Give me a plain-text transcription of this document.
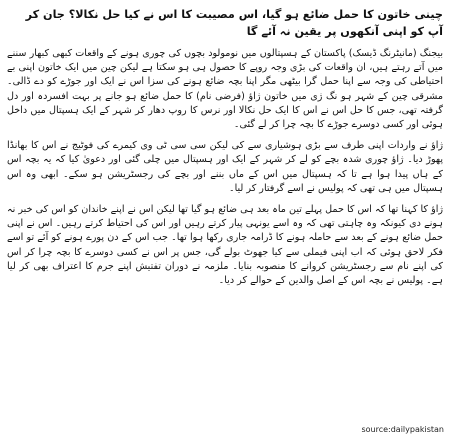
چینی خاتون کا حمل ضائع ہو گیا، اس مصیبت کا اس نے کیا حل نکالا؟ جان کر آپ کو اپنی آنکھوں پر یقین نہ آئے گا

بیجنگ (مانیٹرنگ ڈیسک) پاکستان کے ہسپتالوں میں نومولود بچوں کی چوری ہونے کے واقعات کبھی کبھار سننے میں آتے رہتے ہیں، ان واقعات کی بڑی وجہ روپے کا حصول ہی ہو سکتا ہے لیکن چین میں ایک خاتون اپنی بے احتیاطی کی وجہ سے اپنا حمل گرا بیٹھی مگر اپنا بچہ ضائع ہونے کی سزا اس نے ایک اور جوڑے کو دے ڈالی۔ مشرقی چین کے شہر ہو نگ ژی میں خاتون ژاؤ (فرضی نام) کا حمل ضائع ہو جانے پر بہت افسردہ اور دل گرفتہ تھی، جس کا حل اس نے اس کا ایک حل نکالا اور نرس کا روپ دھار کر شہر کے ایک ہسپتال میں داخل ہوئی اور کسی دوسرے جوڑے کا بچہ چرا کر لے گئی۔

ژاؤ نے واردات اپنی طرف سے بڑی ہوشیاری سے کی لیکن سی سی ٹی وی کیمرے کی فوٹیج نے اس کا بھانڈا پھوڑ دیا۔ ژاؤ چوری شدہ بچے کو لے کر شہر کے ایک اور ہسپتال میں چلی گئی اور دعویٰ کیا کہ یہ بچہ اس کے ہاں پیدا ہوا ہے تا کہ ہسپتال میں اس کے ماں بننے اور بچے کی رجسٹریشن ہو سکے۔ ابھی وہ اس ہسپتال میں ہی تھی کہ پولیس نے اسے گرفتار کر لیا۔

ژاؤ کا کہنا تھا کہ اس کا حمل پہلے تین ماہ بعد ہی ضائع ہو گیا تھا لیکن اس نے اپنے خاندان کو اس کی خبر نہ ہونے دی کیونکہ وہ چاہتی تھی کہ وہ اسے یونہی پیار کرتے رہیں اور اس کی احتیاط کرتے رہیں۔ اس نے اپنی حمل ضائع ہونے کے بعد سے حاملہ ہونے کا ڈرامہ جاری رکھا ہوا تھا۔ جب اس کے دن پورے ہونے کو آئے تو اسے فکر لاحق ہوئی کہ اب اپنی فیملی سے کیا جھوٹ بولے گی، جس پر اس نے کسی دوسرے کا بچہ چرا کر اس کی اپنے نام سے رجسٹریشن کروانے کا منصوبہ بنایا۔ ملزمہ نے دوران تفتیش اپنے جرم کا اعتراف بھی کر لیا ہے۔ پولیس نے بچہ اس کے اصل والدین کے حوالے کر دیا۔

source:dailypakistan
